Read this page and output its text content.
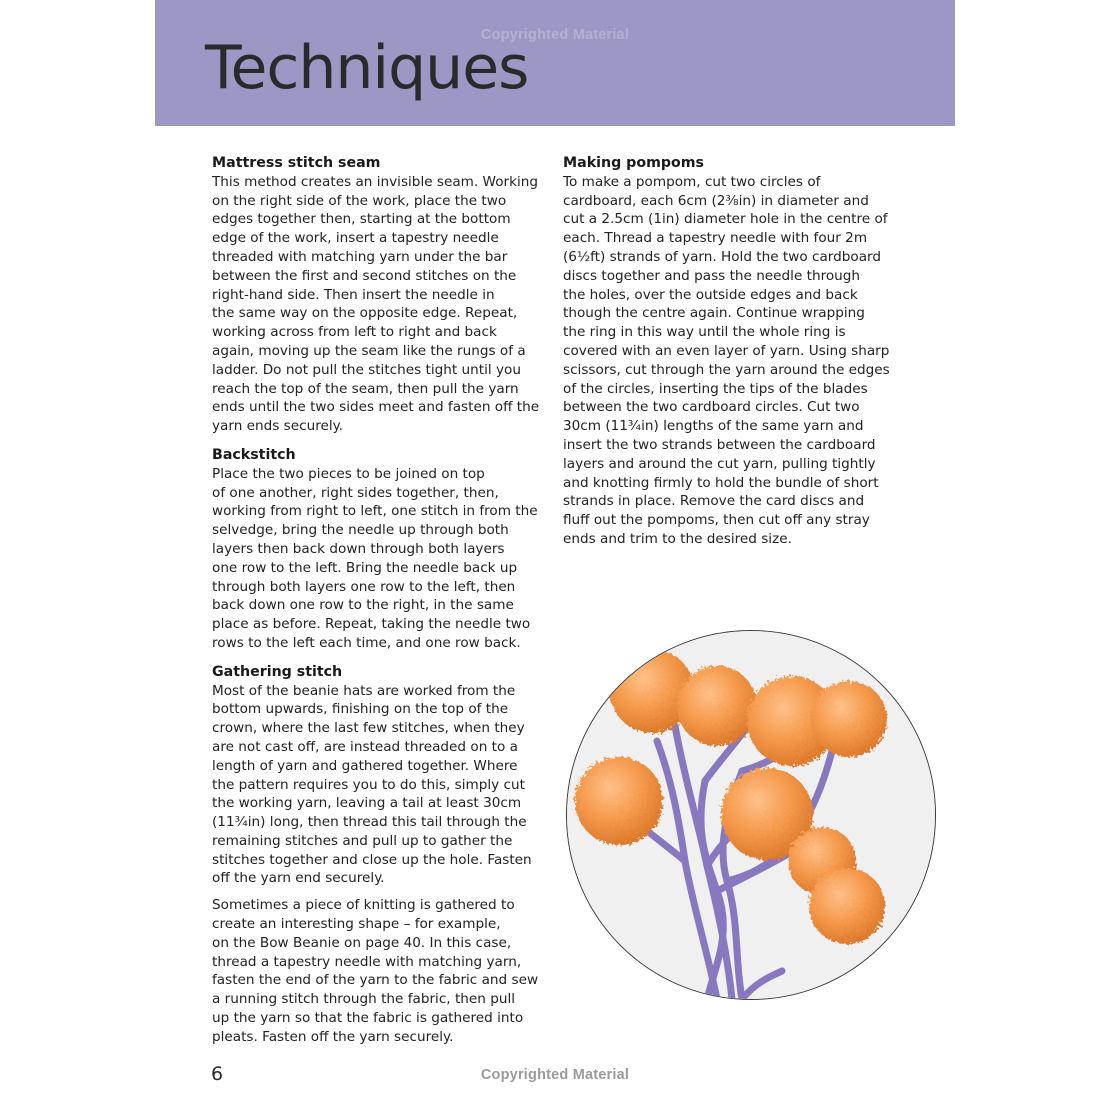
Copyrighted Material
Techniques
Mattress stitch seam

This method creates an invisible seam. Working
on the right side of the work, place the two
edges together then, starting at the bottom
edge of the work, insert a tapestry needle
threaded with matching yarn under the bar
between the first and second stitches on the
right-hand side. Then insert the needle in
the same way on the opposite edge. Repeat,
working across from left to right and back
again, moving up the seam like the rungs of a
ladder. Do not pull the stitches tight until you
reach the top of the seam, then pull the yarn
ends until the two sides meet and fasten off the
yarn ends securely.

Backstitch

Place the two pieces to be joined on top
of one another, right sides together, then,
working from right to left, one stitch in from the
selvedge, bring the needle up through both
layers then back down through both layers
one row to the left. Bring the needle back up
through both layers one row to the left, then
back down one row to the right, in the same
place as before. Repeat, taking the needle two
rows to the left each time, and one row back.

Gathering stitch

Most of the beanie hats are worked from the
bottom upwards, finishing on the top of the
crown, where the last few stitches, when they
are not cast off, are instead threaded on to a
length of yarn and gathered together. Where
the pattern requires you to do this, simply cut
the working yarn, leaving a tail at least 30cm
(11¾in) long, then thread this tail through the
remaining stitches and pull up to gather the
stitches together and close up the hole. Fasten
off the yarn end securely.

Sometimes a piece of knitting is gathered to
create an interesting shape – for example,
on the Bow Beanie on page 40. In this case,
thread a tapestry needle with matching yarn,
fasten the end of the yarn to the fabric and sew
a running stitch through the fabric, then pull
up the yarn so that the fabric is gathered into
pleats. Fasten off the yarn securely.

Making pompoms

To make a pompom, cut two circles of
cardboard, each 6cm (2⅜in) in diameter and
cut a 2.5cm (1in) diameter hole in the centre of
each. Thread a tapestry needle with four 2m
(6½ft) strands of yarn. Hold the two cardboard
discs together and pass the needle through
the holes, over the outside edges and back
though the centre again. Continue wrapping
the ring in this way until the whole ring is
covered with an even layer of yarn. Using sharp
scissors, cut through the yarn around the edges
of the circles, inserting the tips of the blades
between the two cardboard circles. Cut two
30cm (11¾in) lengths of the same yarn and
insert the two strands between the cardboard
layers and around the cut yarn, pulling tightly
and knotting firmly to hold the bundle of short
strands in place. Remove the card discs and
fluff out the pompoms, then cut off any stray
ends and trim to the desired size.

Copyrighted Material
6
